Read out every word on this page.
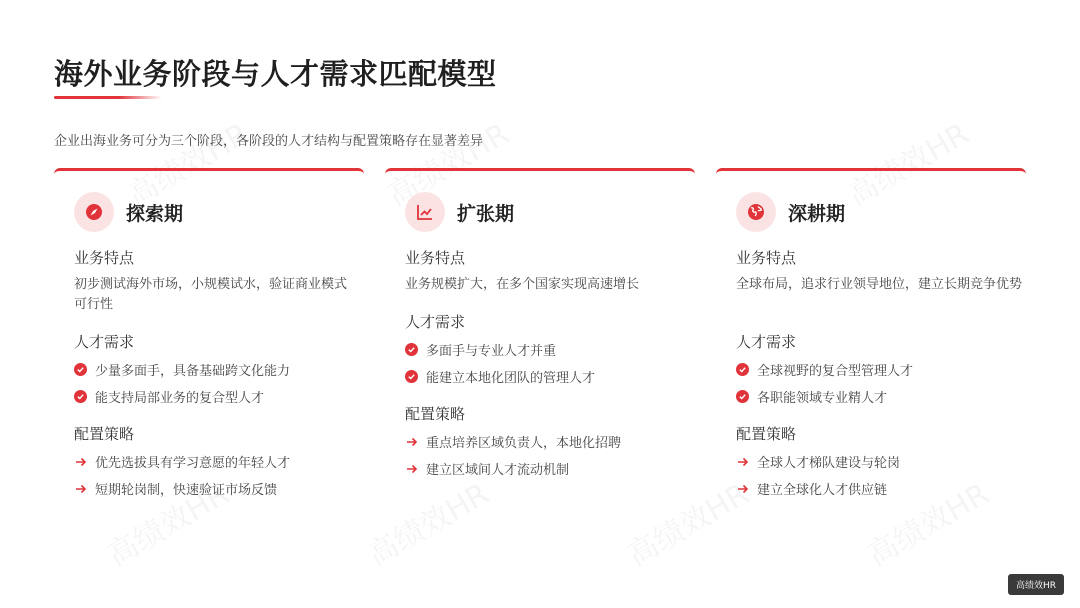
海外业务阶段与人才需求匹配模型
企业出海业务可分为三个阶段，各阶段的人才结构与配置策略存在显著差异
探索期
业务特点
初步测试海外市场，小规模试水，验证商业模式可行性
人才需求
少量多面手，具备基础跨文化能力
能支持局部业务的复合型人才
配置策略
优先选拔具有学习意愿的年轻人才
短期轮岗制，快速验证市场反馈
扩张期
业务特点
业务规模扩大，在多个国家实现高速增长
人才需求
多面手与专业人才并重
能建立本地化团队的管理人才
配置策略
重点培养区域负责人，本地化招聘
建立区域间人才流动机制
深耕期
业务特点
全球布局，追求行业领导地位，建立长期竞争优势
人才需求
全球视野的复合型管理人才
各职能领域专业精人才
配置策略
全球人才梯队建设与轮岗
建立全球化人才供应链
高绩效HR
